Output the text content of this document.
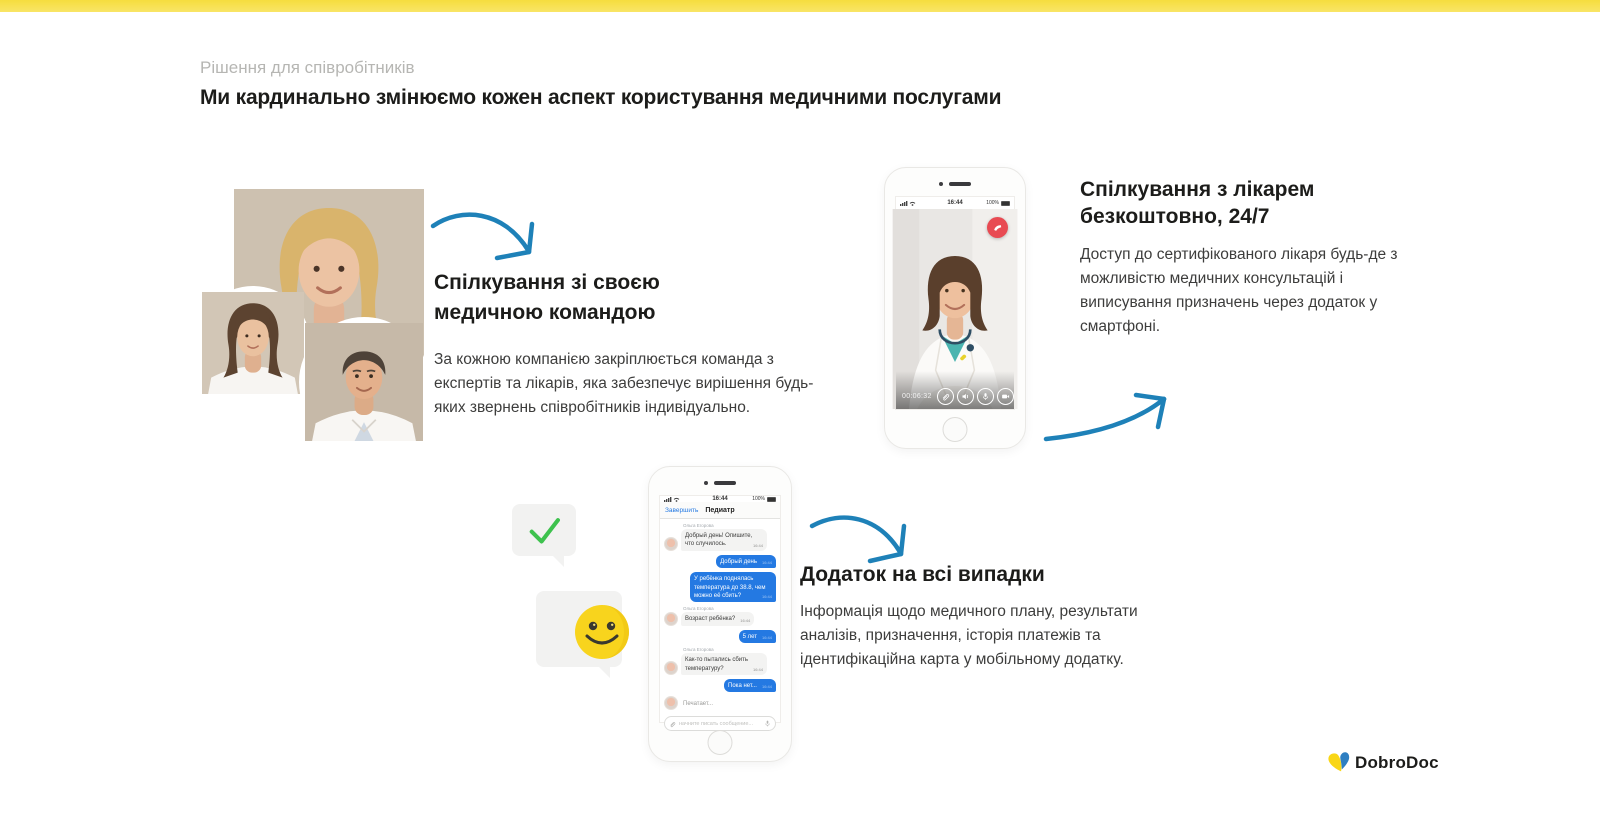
Рішення для співробітників
Ми кардинально змінюємо кожен аспект користування медичними послугами
Спілкування зі своєю медичною командою
За кожною компанією закріплюється команда з експертів та лікарів, яка забезпечує вирішення будь-яких звернень співробітників індивідуально.
Спілкування з лікарем безкоштовно, 24/7
Доступ до сертифікованого лікаря будь-де з можливістю медичних консультацій і виписування призначень через додаток у смартфоні.
Додаток на всі випадки
Інформація щодо медичного плану, результати аналізів, призначення, історія платежів та ідентифікаційна карта у мобільному додатку.
16:44	100%
00:06:32
16:44	100%
Педиатр
Завершить
Ольга Егорова
Добрый день! Опишите, что случилось.	16:44
Добрый день 16:44
У ребёнка поднялась температура до 38.8, чем можно её сбить?	16:44
Ольга Егорова
Возраст ребёнка? 16:44
5 лет 16:44
Ольга Егорова
Как-то пытались сбить температуру?	16:44
Пока нет... 16:44
Печатает...
начните писать сообщение...
DobroDoc
